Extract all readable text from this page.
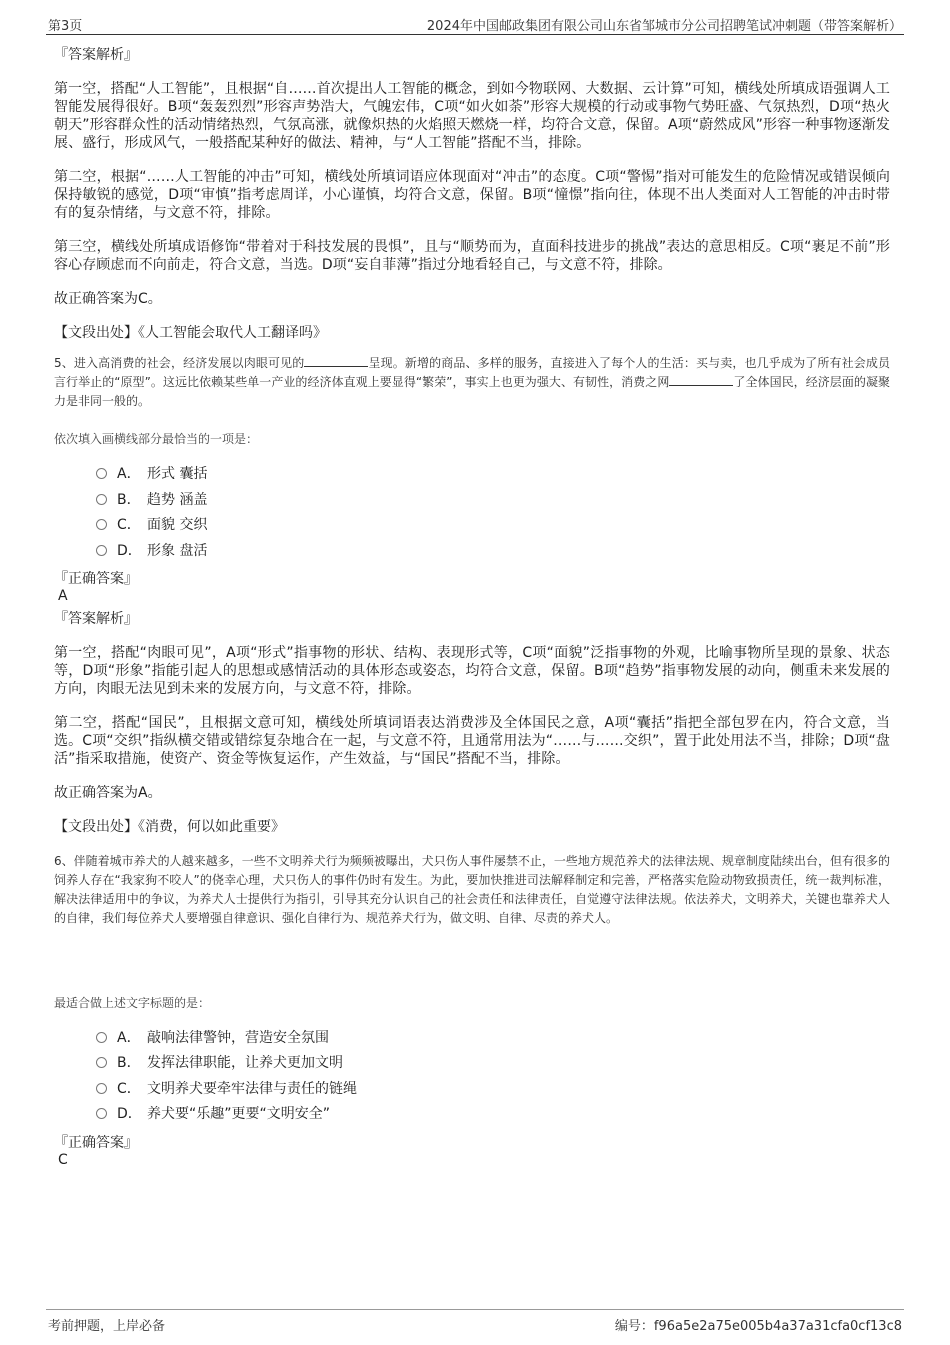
第3页	2024年中国邮政集团有限公司山东省邹城市分公司招聘笔试冲刺题（带答案解析）
『答案解析』
第一空，搭配“人工智能”，且根据“自……首次提出人工智能的概念，到如今物联网、大数据、云计算”可知，横线处所填成语强调人工智能发展得很好。B项“轰轰烈烈”形容声势浩大，气魄宏伟，C项“如火如荼”形容大规模的行动或事物气势旺盛、气氛热烈，D项“热火朝天”形容群众性的活动情绪热烈，气氛高涨，就像炽热的火焰照天燃烧一样，均符合文意，保留。A项“蔚然成风”形容一种事物逐渐发展、盛行，形成风气，一般搭配某种好的做法、精神，与“人工智能”搭配不当，排除。
第二空，根据“……人工智能的冲击”可知，横线处所填词语应体现面对“冲击”的态度。C项“警惕”指对可能发生的危险情况或错误倾向保持敏锐的感觉，D项“审慎”指考虑周详，小心谨慎，均符合文意，保留。B项“憧憬”指向往，体现不出人类面对人工智能的冲击时带有的复杂情绪，与文意不符，排除。
第三空，横线处所填成语修饰“带着对于科技发展的畏惧”，且与“顺势而为，直面科技进步的挑战”表达的意思相反。C项“裹足不前”形容心存顾虑而不向前走，符合文意，当选。D项“妄自菲薄”指过分地看轻自己，与文意不符，排除。
故正确答案为C。
【文段出处】《人工智能会取代人工翻译吗》
5、进入高消费的社会，经济发展以肉眼可见的	呈现。新增的商品、多样的服务，直接进入了每个人的生活：买与卖，也几乎成为了所有社会成员言行举止的“原型”。这远比依赖某些单一产业的经济体直观上要显得“繁荣”，事实上也更为强大、有韧性，消费之网	了全体国民，经济层面的凝聚力是非同一般的。
依次填入画横线部分最恰当的一项是：
A． 形式 囊括
B． 趋势 涵盖
C． 面貌 交织
D． 形象 盘活
『正确答案』
A
『答案解析』
第一空，搭配“肉眼可见”，A项“形式”指事物的形状、结构、表现形式等，C项“面貌”泛指事物的外观，比喻事物所呈现的景象、状态等，D项“形象”指能引起人的思想或感情活动的具体形态或姿态，均符合文意，保留。B项“趋势”指事物发展的动向，侧重未来发展的方向，肉眼无法见到未来的发展方向，与文意不符，排除。
第二空，搭配“国民”，且根据文意可知，横线处所填词语表达消费涉及全体国民之意，A项“囊括”指把全部包罗在内，符合文意，当选。C项“交织”指纵横交错或错综复杂地合在一起，与文意不符，且通常用法为“……与……交织”，置于此处用法不当，排除；D项“盘活”指采取措施，使资产、资金等恢复运作，产生效益，与“国民”搭配不当，排除。
故正确答案为A。
【文段出处】《消费，何以如此重要》
6、伴随着城市养犬的人越来越多，一些不文明养犬行为频频被曝出，犬只伤人事件屡禁不止，一些地方规范养犬的法律法规、规章制度陆续出台，但有很多的饲养人存在“我家狗不咬人”的侥幸心理，犬只伤人的事件仍时有发生。为此，要加快推进司法解释制定和完善，严格落实危险动物致损责任，统一裁判标准，解决法律适用中的争议，为养犬人士提供行为指引，引导其充分认识自己的社会责任和法律责任，自觉遵守法律法规。依法养犬，文明养犬，关键也靠养犬人的自律，我们每位养犬人要增强自律意识、强化自律行为、规范养犬行为，做文明、自律、尽责的养犬人。
最适合做上述文字标题的是：
A． 敲响法律警钟，营造安全氛围
B． 发挥法律职能，让养犬更加文明
C． 文明养犬要牵牢法律与责任的链绳
D． 养犬要“乐趣”更要“文明安全”
『正确答案』
C
考前押题，上岸必备	编号：f96a5e2a75e005b4a37a31cfa0cf13c8
